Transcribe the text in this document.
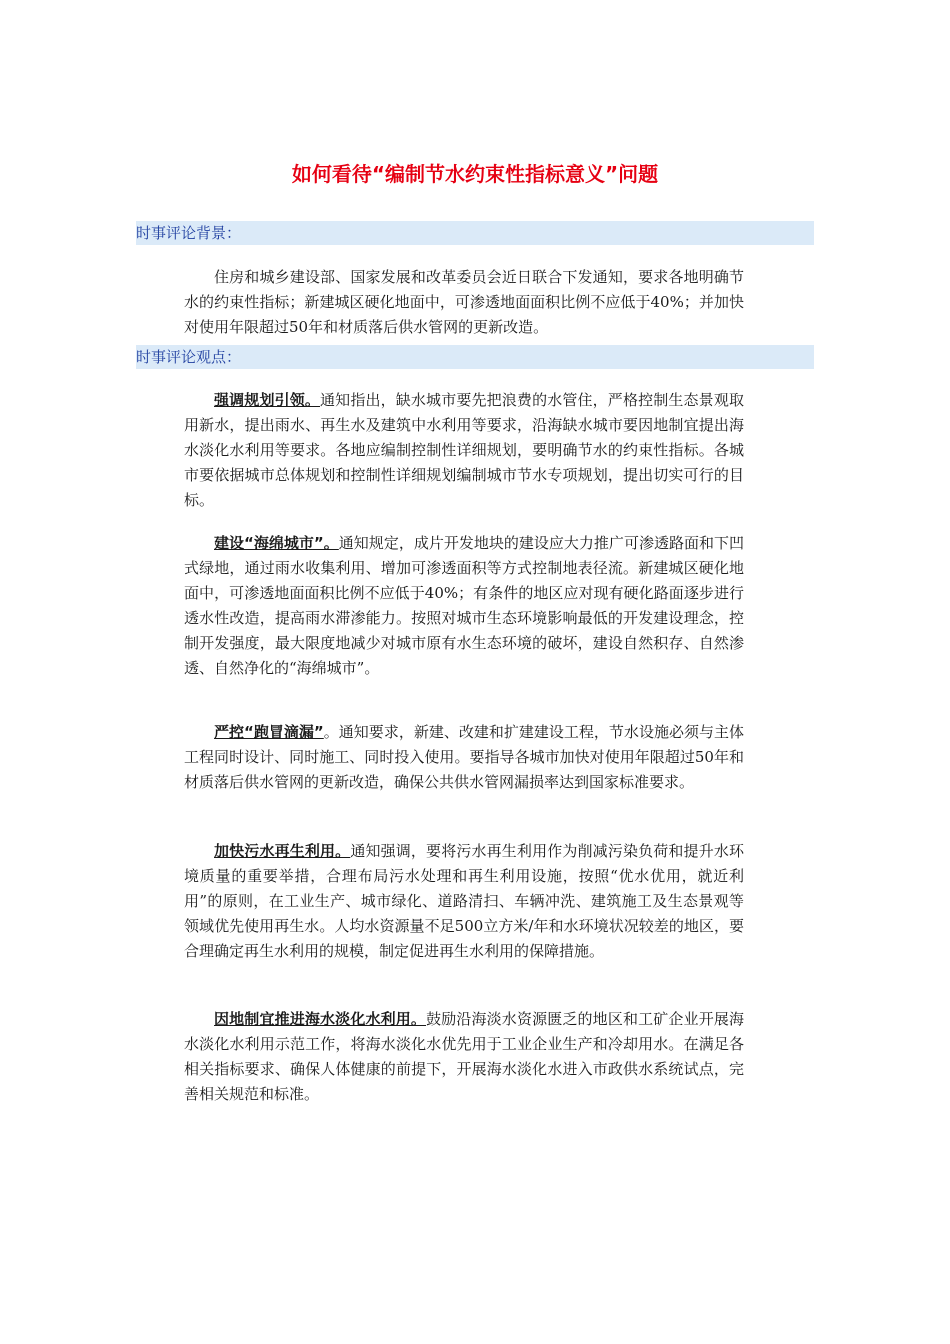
如何看待“编制节水约束性指标意义”问题
时事评论背景：

住房和城乡建设部、国家发展和改革委员会近日联合下发通知，要求各地明确节水的约束性指标；新建城区硬化地面中，可渗透地面面积比例不应低于40%；并加快对使用年限超过50年和材质落后供水管网的更新改造。

时事评论观点：

强调规划引领。通知指出，缺水城市要先把浪费的水管住，严格控制生态景观取用新水，提出雨水、再生水及建筑中水利用等要求，沿海缺水城市要因地制宜提出海水淡化水利用等要求。各地应编制控制性详细规划，要明确节水的约束性指标。各城市要依据城市总体规划和控制性详细规划编制城市节水专项规划，提出切实可行的目标。

建设“海绵城市”。通知规定，成片开发地块的建设应大力推广可渗透路面和下凹式绿地，通过雨水收集利用、增加可渗透面积等方式控制地表径流。新建城区硬化地面中，可渗透地面面积比例不应低于40%；有条件的地区应对现有硬化路面逐步进行透水性改造，提高雨水滞渗能力。按照对城市生态环境影响最低的开发建设理念，控制开发强度，最大限度地减少对城市原有水生态环境的破坏，建设自然积存、自然渗透、自然净化的“海绵城市”。

严控“跑冒滴漏”。通知要求，新建、改建和扩建建设工程，节水设施必须与主体工程同时设计、同时施工、同时投入使用。要指导各城市加快对使用年限超过50年和材质落后供水管网的更新改造，确保公共供水管网漏损率达到国家标准要求。

加快污水再生利用。通知强调，要将污水再生利用作为削减污染负荷和提升水环境质量的重要举措，合理布局污水处理和再生利用设施，按照“优水优用，就近利用”的原则，在工业生产、城市绿化、道路清扫、车辆冲洗、建筑施工及生态景观等领域优先使用再生水。人均水资源量不足500立方米/年和水环境状况较差的地区，要合理确定再生水利用的规模，制定促进再生水利用的保障措施。

因地制宜推进海水淡化水利用。鼓励沿海淡水资源匮乏的地区和工矿企业开展海水淡化水利用示范工作，将海水淡化水优先用于工业企业生产和冷却用水。在满足各相关指标要求、确保人体健康的前提下，开展海水淡化水进入市政供水系统试点，完善相关规范和标准。
